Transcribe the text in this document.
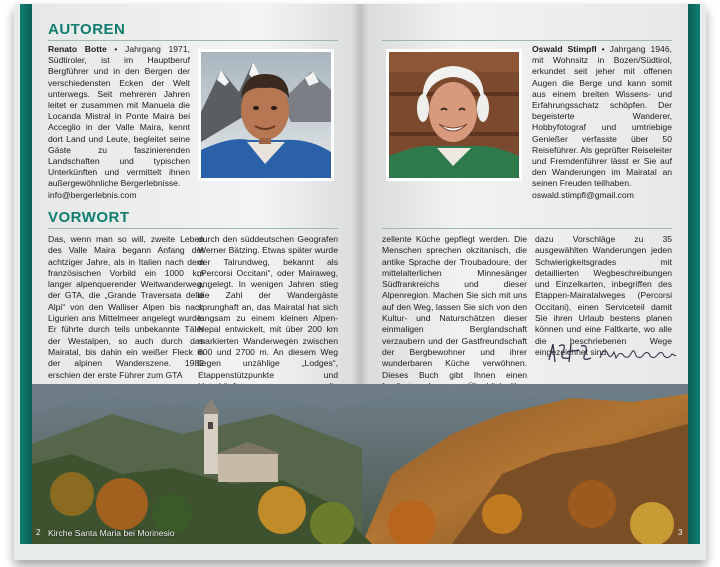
AUTOREN
Renato Botte • Jahrgang 1971, Südtiroler, ist im Hauptberuf Bergführer und in den Bergen der verschiedensten Ecken der Welt unterwegs. Seit mehreren Jahren leitet er zusammen mit Manuela die Locanda Mistral in Ponte Maira bei Acceglio in der Valle Maira, kennt dort Land und Leute, begleitet seine Gäste zu faszinierenden Landschaften und typischen Unterkünften und vermittelt ihnen außergewöhnliche Bergerlebnisse.
info@bergerlebnis.com
Oswald Stimpfl • Jahrgang 1946, mit Wohnsitz in Bozen/Südtirol, erkundet seit jeher mit offenen Augen die Berge und kann somit aus einem breiten Wissens- und Erfahrungsschatz schöpfen. Der begeisterte Wanderer, Hobbyfotograf und umtriebige Genießer verfasste über 50 Reiseführer. Als geprüfter Reiseleiter und Fremdenführer lässt er Sie auf den Wanderungen im Mairatal an seinen Freuden teilhaben.
oswald.stimpfl@gmail.com
VORWORT
Das, wenn man so will, zweite Leben des Valle Maira begann Anfang der achtziger Jahre, als in Italien nach dem französischen Vorbild ein 1000 km langer alpenquerender Weitwanderweg, der GTA, die „Grande Traversata delle Alpi“ von den Walliser Alpen bis nach Ligurien ans Mittelmeer angelegt wurde. Er führte durch teils unbekannte Täler der Westalpen, so auch durch das Mairatal, bis dahin ein weißer Fleck in der alpinen Wanderszene. 1982 erschien der erste Führer zum GTA
durch den süddeutschen Geografen Werner Bätzing. Etwas später wurde der Talrundweg, bekannt als „Percorsi Occitani“, oder Mairaweg, angelegt. In wenigen Jahren stieg die Zahl der Wandergäste sprunghaft an, das Mairatal hat sich langsam zu einem kleinen Alpen-Nepal entwickelt, mit über 200 km markierten Wanderwegen zwischen 600 und 2700 m. An diesem Weg liegen unzählige „Lodges“, Etappenstützpunkte und
zellente Küche gepflegt werden. Die Menschen sprechen okzitanisch, die antike Sprache der Troubadoure, der mittelalterlichen Minnesänger Südfrankreichs und dieser Alpenregion. Machen Sie sich mit uns auf den Weg, lassen Sie sich von den Kultur- und Naturschätzen dieser einmaligen Berglandschaft verzaubern und der Gastfreundschaft der Bergbewohner und ihrer wunderbaren Küche verwöhnen. Dieses Buch gibt Ihnen einen
dazu Vorschläge zu 35 ausgewählten Wanderungen jeden Schwierigkeitsgrades mit detaillierten Wegbeschreibungen und Einzelkarten, inbegriffen des Etappen-Mairatalweges (Percorsi Occitani), einen Serviceteil damit Sie ihren Urlaub bestens planen können und eine Faltkarte, wo alle die beschriebenen Wege eingezeichnet sind.
Kirche Santa Maria bei Morinesio
2	3
